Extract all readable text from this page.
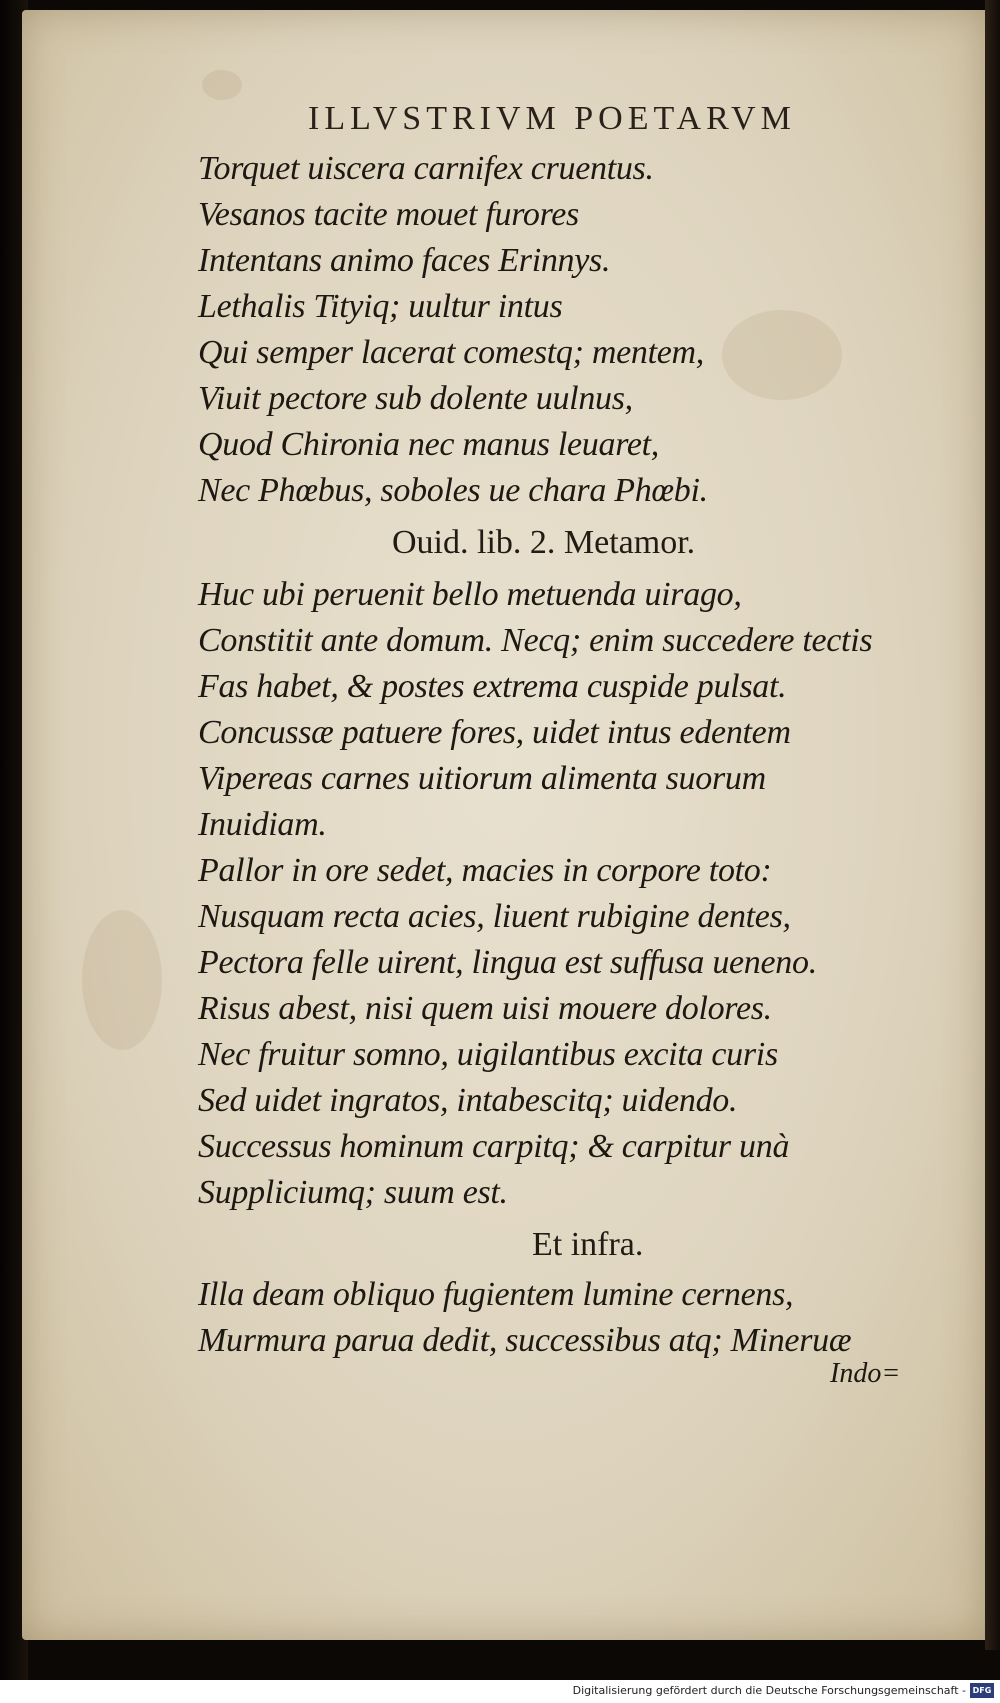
ILLVSTRIVM POETARVM
Torquet uiscera carnifex cruentus.
Vesanos tacite mouet furores
Intentans animo faces Erinnys.
Lethalis Tityiq; uultur intus
Qui semper lacerat comestq; mentem,
Viuit pectore sub dolente uulnus,
Quod Chironia nec manus leuaret,
Nec Phœbus, soboles ue chara Phœbi.
Ouid. lib. 2. Metamor.
Huc ubi peruenit bello metuenda uirago,
Constitit ante domum. Necq; enim succedere tectis
Fas habet, & postes extrema cuspide pulsat.
Concussæ patuere fores, uidet intus edentem
Vipereas carnes uitiorum alimenta suorum
Inuidiam.
Pallor in ore sedet, macies in corpore toto:
Nusquam recta acies, liuent rubigine dentes,
Pectora felle uirent, lingua est suffusa ueneno.
Risus abest, nisi quem uisi mouere dolores.
Nec fruitur somno, uigilantibus excita curis
Sed uidet ingratos, intabescitq; uidendo.
Successus hominum carpitq; & carpitur unà
Suppliciumq; suum est.
Et infra.
Illa deam obliquo fugientem lumine cernens,
Murmura parua dedit, successibus atq; Mineruæ
Indo=
Digitalisierung gefördert durch die Deutsche Forschungsgemeinschaft - DFG
